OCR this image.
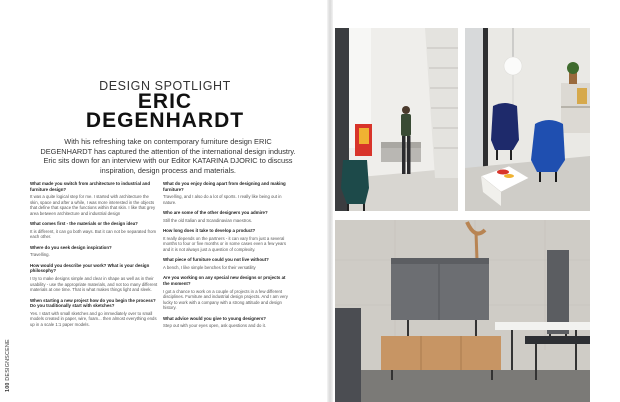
DESIGN SPOTLIGHT
ERIC
DEGENHARDT

With his refreshing take on contemporary furniture design ERIC DEGENHARDT has captured the attention of the international design industry. Eric sits down for an interview with our Editor KATARINA DJORIC to discuss inspiration, design process and materials.

What made you switch from architecture to industrial and furniture design?
It was a quite logical step for me. I started with architecture the skin, space and after a while, I was more interested in the objects that define that space the functions within that skin. I like that grey area between architecture and industrial design
What comes first - the materials or the design idea?
It is different, it can go both ways. But it can not be separated from each other.
Where do you seek design inspiration?
Travelling.
How would you describe your work? What is your design philosophy?
I try to make designs simple and clear in shape as well as in their usability - use the appropriate materials, and not too many different materials at one time. That is what makes things light and sleek.
When starting a new project how do you begin the process? Do you traditionally start with sketches?
Yes. I start with small sketches and go immediately over to small models created in paper, wire, foam... then almost everything ends up in a scale 1:1 paper models.
What do you enjoy doing apart from designing and making furniture?
Travelling, and I also do a lot of sports. I really like being out in nature.
Who are some of the other designers you admire?
Still the old Italian and Scandinavian maestros.
How long does it take to develop a product?
It really depends on the partners - it can vary from just a several months to four or five months or in some cases even a few years and it is not always just a question of complexity.
What piece of furniture could you not live without?
A bench, I like simple benches for their versatility
Are you working on any special new designs or projects at the moment?
I got a chance to work on a couple of projects in a few different disciplines. Furniture and industrial design projects. And I am very lucky to work with a company with a strong attitude and design history.
What advice would you give to young designers?
Step out with your eyes open, ask questions and do it.
100 DESIGNSCENE
